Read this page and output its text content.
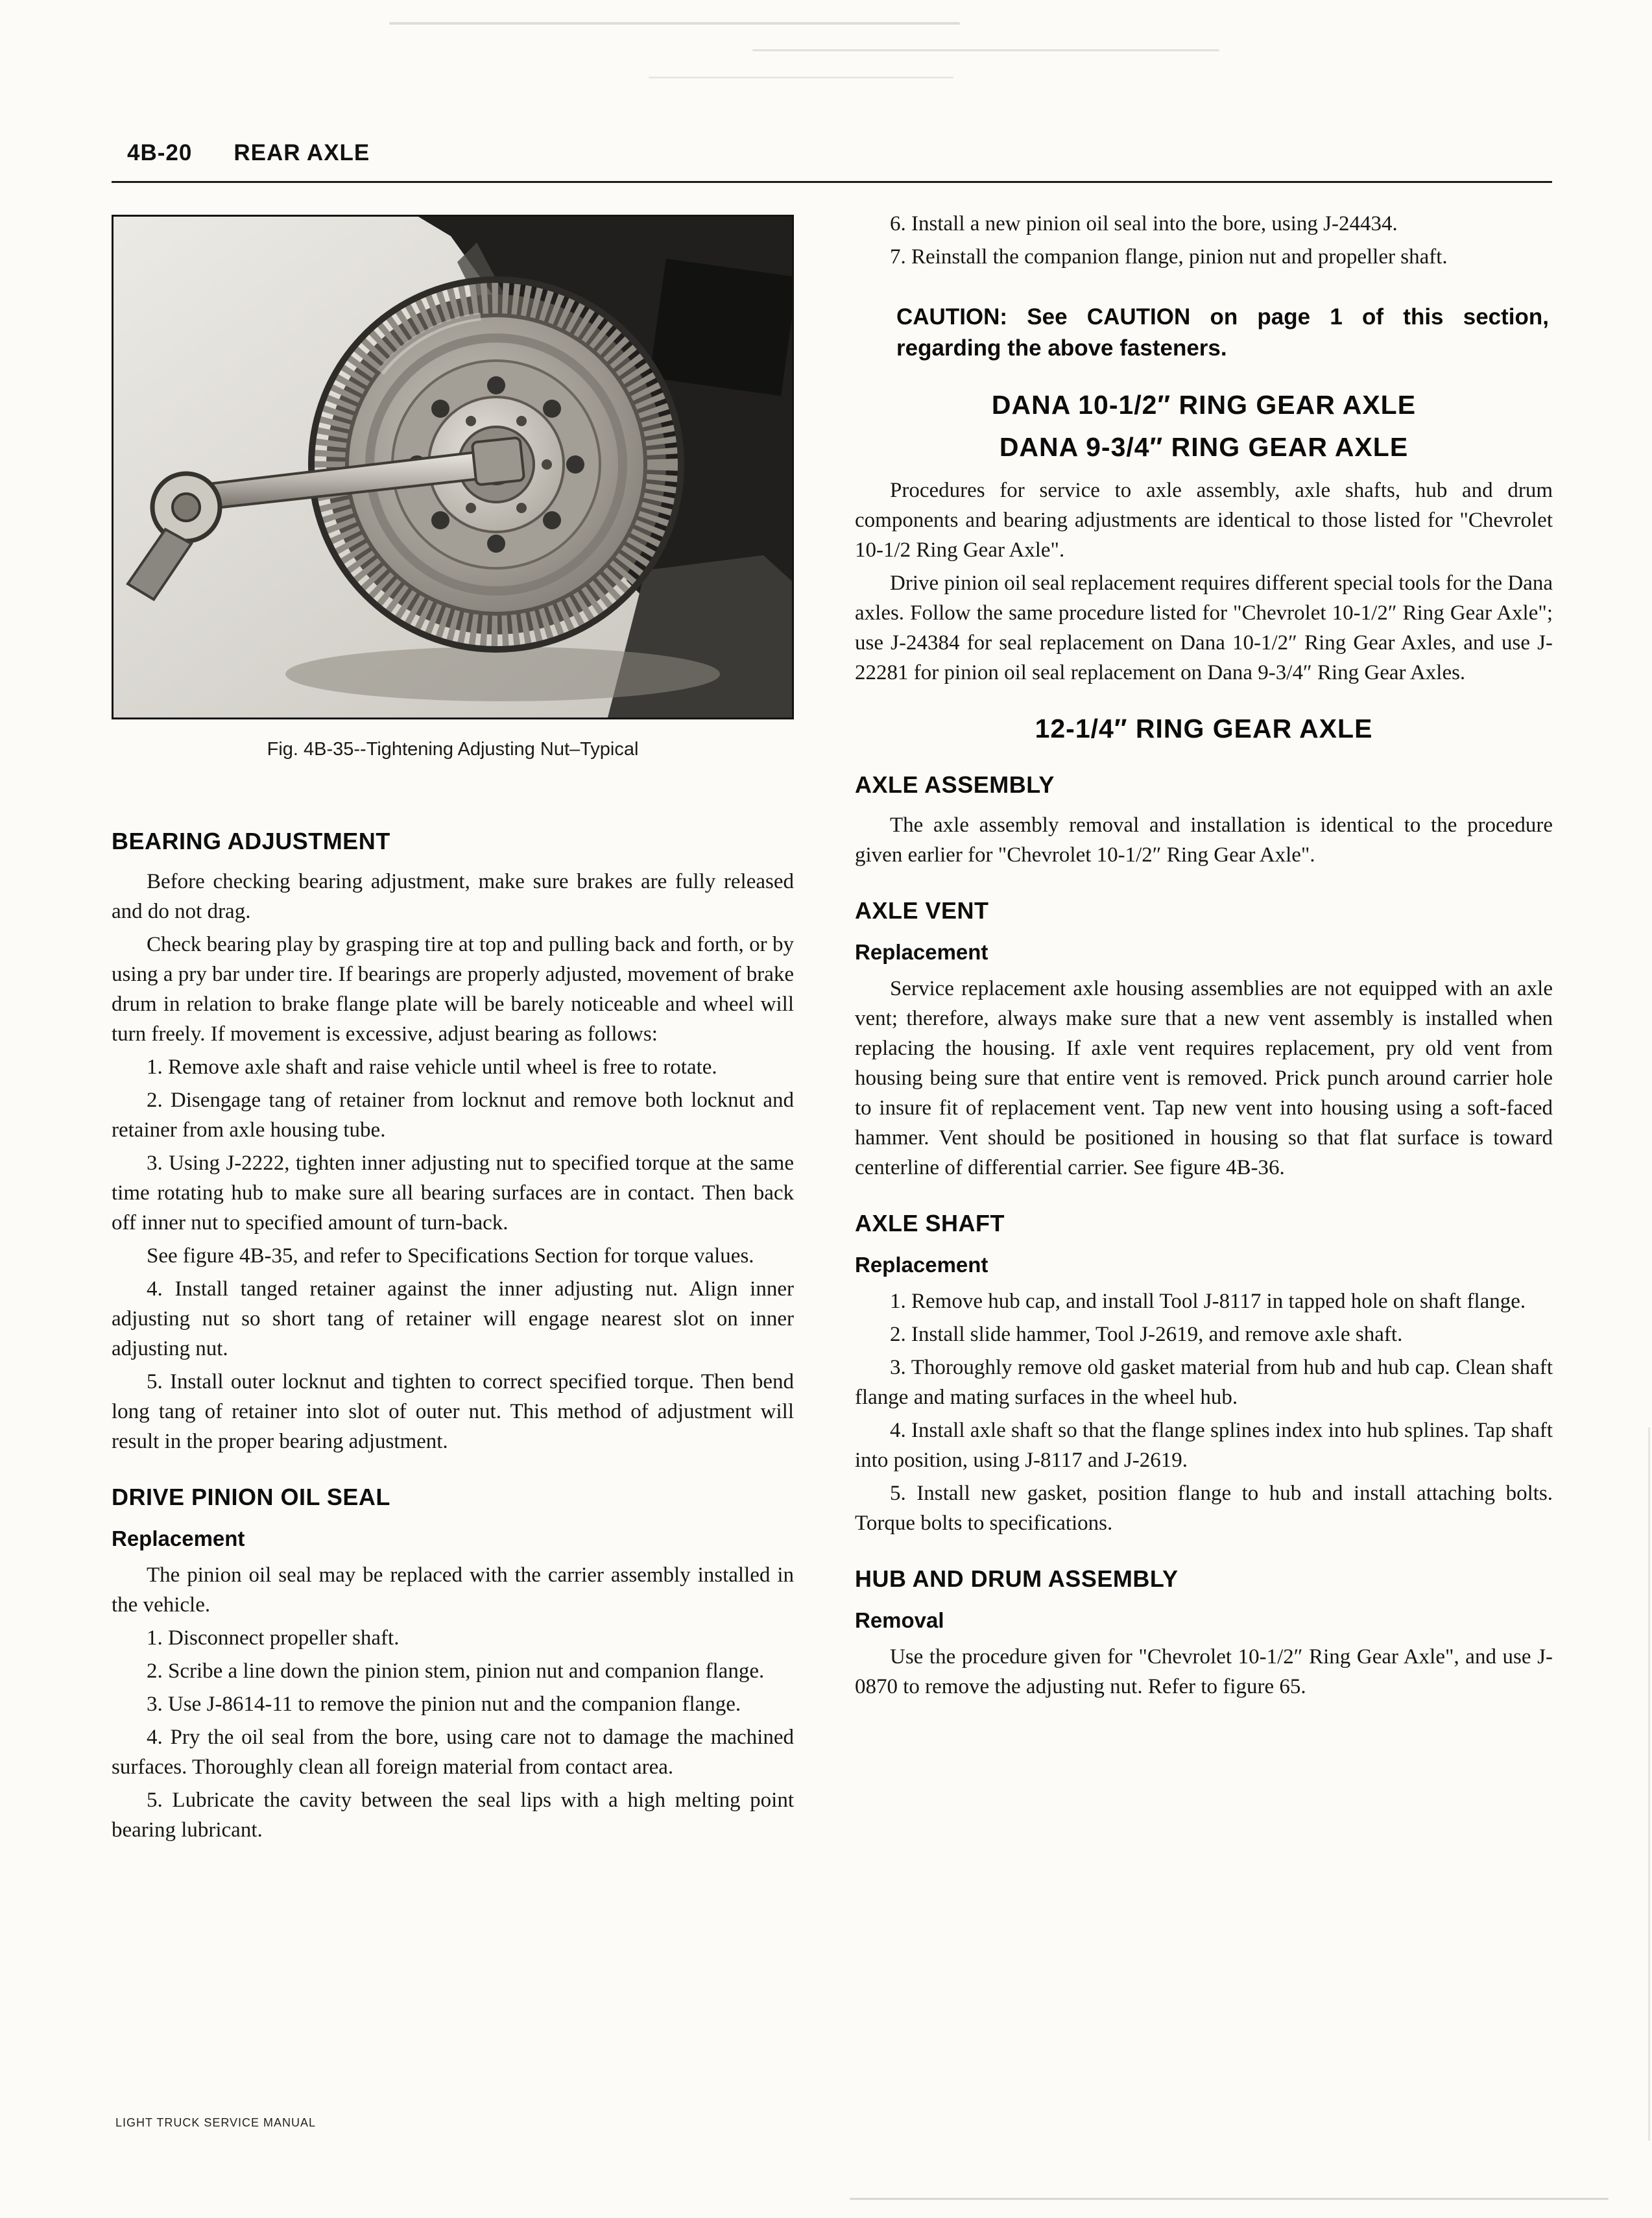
4B-20 REAR AXLE
Fig. 4B-35--Tightening Adjusting Nut–Typical
BEARING ADJUSTMENT

Before checking bearing adjustment, make sure brakes are fully released and do not drag.

Check bearing play by grasping tire at top and pulling back and forth, or by using a pry bar under tire. If bearings are properly adjusted, movement of brake drum in relation to brake flange plate will be barely noticeable and wheel will turn freely. If movement is excessive, adjust bearing as follows:

1. Remove axle shaft and raise vehicle until wheel is free to rotate.

2. Disengage tang of retainer from locknut and remove both locknut and retainer from axle housing tube.

3. Using J-2222, tighten inner adjusting nut to specified torque at the same time rotating hub to make sure all bearing surfaces are in contact. Then back off inner nut to specified amount of turn-back.

See figure 4B-35, and refer to Specifications Section for torque values.

4. Install tanged retainer against the inner adjusting nut. Align inner adjusting nut so short tang of retainer will engage nearest slot on inner adjusting nut.

5. Install outer locknut and tighten to correct specified torque. Then bend long tang of retainer into slot of outer nut. This method of adjustment will result in the proper bearing adjustment.

DRIVE PINION OIL SEAL
Replacement

The pinion oil seal may be replaced with the carrier assembly installed in the vehicle.

1. Disconnect propeller shaft.

2. Scribe a line down the pinion stem, pinion nut and companion flange.

3. Use J-8614-11 to remove the pinion nut and the companion flange.

4. Pry the oil seal from the bore, using care not to damage the machined surfaces. Thoroughly clean all foreign material from contact area.

5. Lubricate the cavity between the seal lips with a high melting point bearing lubricant.

6. Install a new pinion oil seal into the bore, using J-24434.

7. Reinstall the companion flange, pinion nut and propeller shaft.

CAUTION: See CAUTION on page 1 of this section, regarding the above fasteners.

DANA 10-1/2″ RING GEAR AXLE
DANA 9-3/4″ RING GEAR AXLE

Procedures for service to axle assembly, axle shafts, hub and drum components and bearing adjustments are identical to those listed for "Chevrolet 10-1/2 Ring Gear Axle".

Drive pinion oil seal replacement requires different special tools for the Dana axles. Follow the same procedure listed for "Chevrolet 10-1/2″ Ring Gear Axle"; use J-24384 for seal replacement on Dana 10-1/2″ Ring Gear Axles, and use J-22281 for pinion oil seal replacement on Dana 9-3/4″ Ring Gear Axles.

12-1/4″ RING GEAR AXLE
AXLE ASSEMBLY

The axle assembly removal and installation is identical to the procedure given earlier for "Chevrolet 10-1/2″ Ring Gear Axle".

AXLE VENT
Replacement

Service replacement axle housing assemblies are not equipped with an axle vent; therefore, always make sure that a new vent assembly is installed when replacing the housing. If axle vent requires replacement, pry old vent from housing being sure that entire vent is removed. Prick punch around carrier hole to insure fit of replacement vent. Tap new vent into housing using a soft-faced hammer. Vent should be positioned in housing so that flat surface is toward centerline of differential carrier. See figure 4B-36.

AXLE SHAFT
Replacement

1. Remove hub cap, and install Tool J-8117 in tapped hole on shaft flange.

2. Install slide hammer, Tool J-2619, and remove axle shaft.

3. Thoroughly remove old gasket material from hub and hub cap. Clean shaft flange and mating surfaces in the wheel hub.

4. Install axle shaft so that the flange splines index into hub splines. Tap shaft into position, using J-8117 and J-2619.

5. Install new gasket, position flange to hub and install attaching bolts. Torque bolts to specifications.

HUB AND DRUM ASSEMBLY
Removal

Use the procedure given for "Chevrolet 10-1/2″ Ring Gear Axle", and use J-0870 to remove the adjusting nut. Refer to figure 65.

LIGHT TRUCK SERVICE MANUAL
